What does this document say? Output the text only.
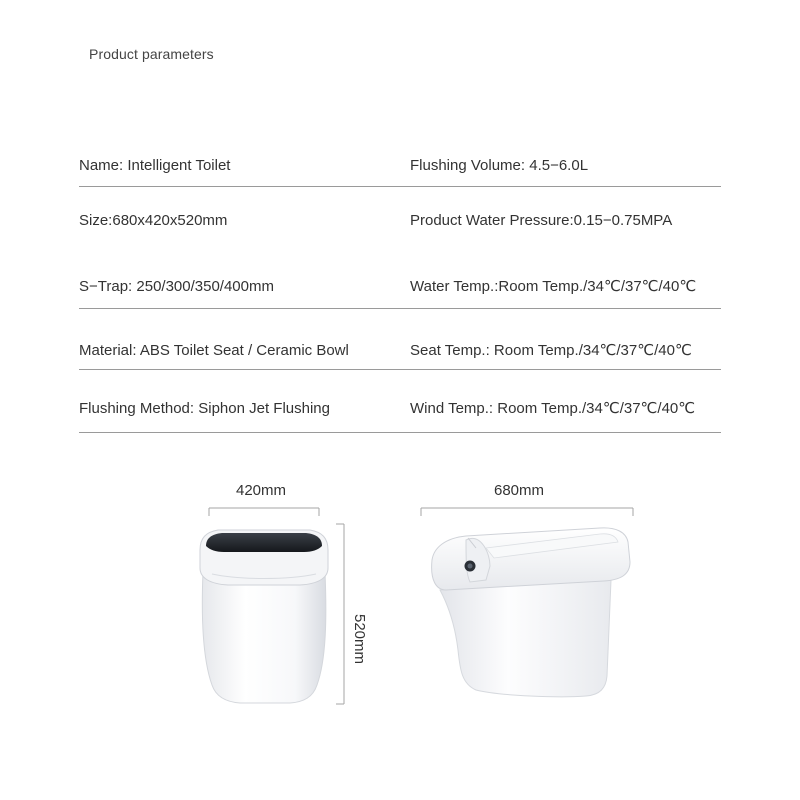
Product parameters
Name: Intelligent Toilet	Flushing Volume: 4.5−6.0L
Size:680x420x520mm	Product Water Pressure:0.15−0.75MPA
S−Trap: 250/300/350/400mm	Water Temp.:Room Temp./34℃/37℃/40℃
Material: ABS Toilet Seat / Ceramic Bowl	Seat Temp.: Room Temp./34℃/37℃/40℃
Flushing Method: Siphon Jet Flushing	Wind Temp.: Room Temp./34℃/37℃/40℃
420mm	680mm
520mm
